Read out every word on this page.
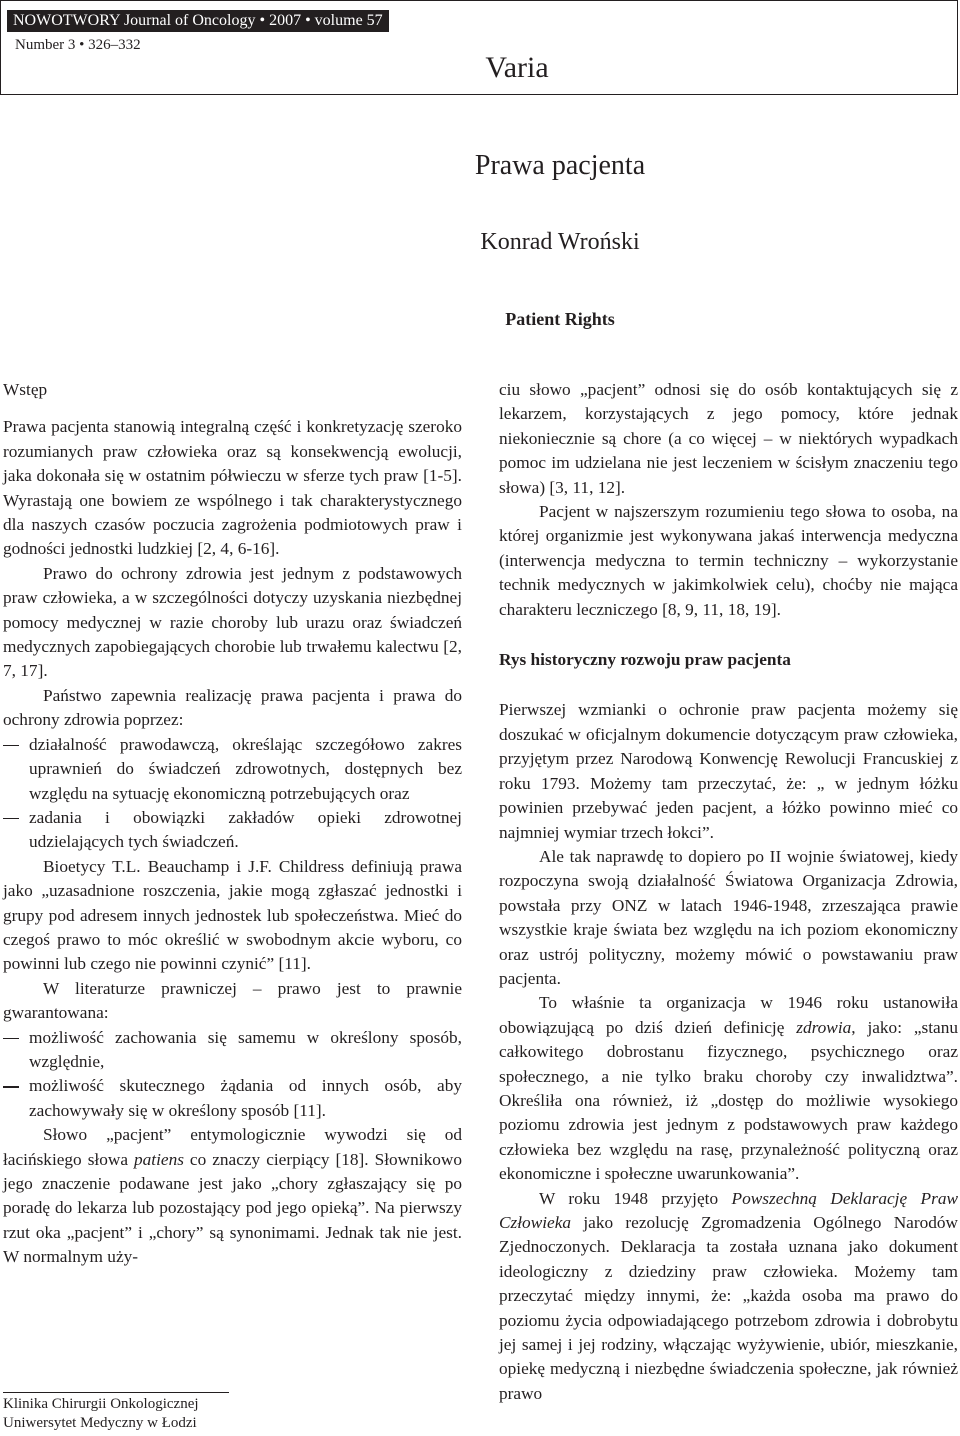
NOWOTWORY Journal of Oncology • 2007 • volume 57
Number 3 • 326–332
Varia
Prawa pacjenta
Konrad Wroński
Patient Rights
Wstęp

Prawa pacjenta stanowią integralną część i konkretyzację szeroko rozumianych praw człowieka oraz są konsekwencją ewolucji, jaka dokonała się w ostatnim półwieczu w sferze tych praw [1-5]. Wyrastają one bowiem ze wspólnego i tak charakterystycznego dla naszych czasów poczucia zagrożenia podmiotowych praw i godności jednostki ludzkiej [2, 4, 6-16].

Prawo do ochrony zdrowia jest jednym z podstawowych praw człowieka, a w szczególności dotyczy uzyskania niezbędnej pomocy medycznej w razie choroby lub urazu oraz świadczeń medycznych zapobiegających chorobie lub trwałemu kalectwu [2, 7, 17].

Państwo zapewnia realizację prawa pacjenta i prawa do ochrony zdrowia poprzez:

działalność prawodawczą, określając szczegółowo zakres uprawnień do świadczeń zdrowotnych, dostępnych bez względu na sytuację ekonomiczną potrzebujących oraz
zadania i obowiązki zakładów opieki zdrowotnej udzielających tych świadczeń.

Bioetycy T.L. Beauchamp i J.F. Childress definiują prawa jako „uzasadnione roszczenia, jakie mogą zgłaszać jednostki i grupy pod adresem innych jednostek lub społeczeństwa. Mieć do czegoś prawo to móc określić w swobodnym akcie wyboru, co powinni lub czego nie powinni czynić” [11].

W literaturze prawniczej – prawo jest to prawnie gwarantowana:

możliwość zachowania się samemu w określony sposób, względnie,
możliwość skutecznego żądania od innych osób, aby zachowywały się w określony sposób [11].

Słowo „pacjent” entymologicznie wywodzi się od łacińskiego słowa patiens co znaczy cierpiący [18]. Słownikowo jego znaczenie podawane jest jako „chory zgłaszający się po poradę do lekarza lub pozostający pod jego opieką”. Na pierwszy rzut oka „pacjent” i „chory” są synonimami. Jednak tak nie jest. W normalnym uży-

ciu słowo „pacjent” odnosi się do osób kontaktujących się z lekarzem, korzystających z jego pomocy, które jednak niekoniecznie są chore (a co więcej – w niektórych wypadkach pomoc im udzielana nie jest leczeniem w ścisłym znaczeniu tego słowa) [3, 11, 12].

Pacjent w najszerszym rozumieniu tego słowa to osoba, na której organizmie jest wykonywana jakaś interwencja medyczna (interwencja medyczna to termin techniczny – wykorzystanie technik medycznych w jakimkolwiek celu), choćby nie mająca charakteru leczniczego [8, 9, 11, 18, 19].

Rys historyczny rozwoju praw pacjenta

Pierwszej wzmianki o ochronie praw pacjenta możemy się doszukać w oficjalnym dokumencie dotyczącym praw człowieka, przyjętym przez Narodową Konwencję Rewolucji Francuskiej z roku 1793. Możemy tam przeczytać, że: „ w jednym łóżku powinien przebywać jeden pacjent, a łóżko powinno mieć co najmniej wymiar trzech łokci”.

Ale tak naprawdę to dopiero po II wojnie światowej, kiedy rozpoczyna swoją działalność Światowa Organizacja Zdrowia, powstała przy ONZ w latach 1946-1948, zrzeszająca prawie wszystkie kraje świata bez względu na ich poziom ekonomiczny oraz ustrój polityczny, możemy mówić o powstawaniu praw pacjenta.

To właśnie ta organizacja w 1946 roku ustanowiła obowiązującą po dziś dzień definicję zdrowia, jako: „stanu całkowitego dobrostanu fizycznego, psychicznego oraz społecznego, a nie tylko braku choroby czy inwalidztwa”. Określiła ona również, iż „dostęp do możliwie wysokiego poziomu zdrowia jest jednym z podstawowych praw każdego człowieka bez względu na rasę, przynależność polityczną oraz ekonomiczne i społeczne uwarunkowania”.

W roku 1948 przyjęto Powszechną Deklarację Praw Człowieka jako rezolucję Zgromadzenia Ogólnego Narodów Zjednoczonych. Deklaracja ta została uznana jako dokument ideologiczny z dziedziny praw człowieka. Możemy tam przeczytać między innymi, że: „każda osoba ma prawo do poziomu życia odpowiadającego potrzebom zdrowia i dobrobytu jej samej i jej rodziny, włączając wyżywienie, ubiór, mieszkanie, opiekę medyczną i niezbędne świadczenia społeczne, jak również prawo

Klinika Chirurgii Onkologicznej
Uniwersytet Medyczny w Łodzi
